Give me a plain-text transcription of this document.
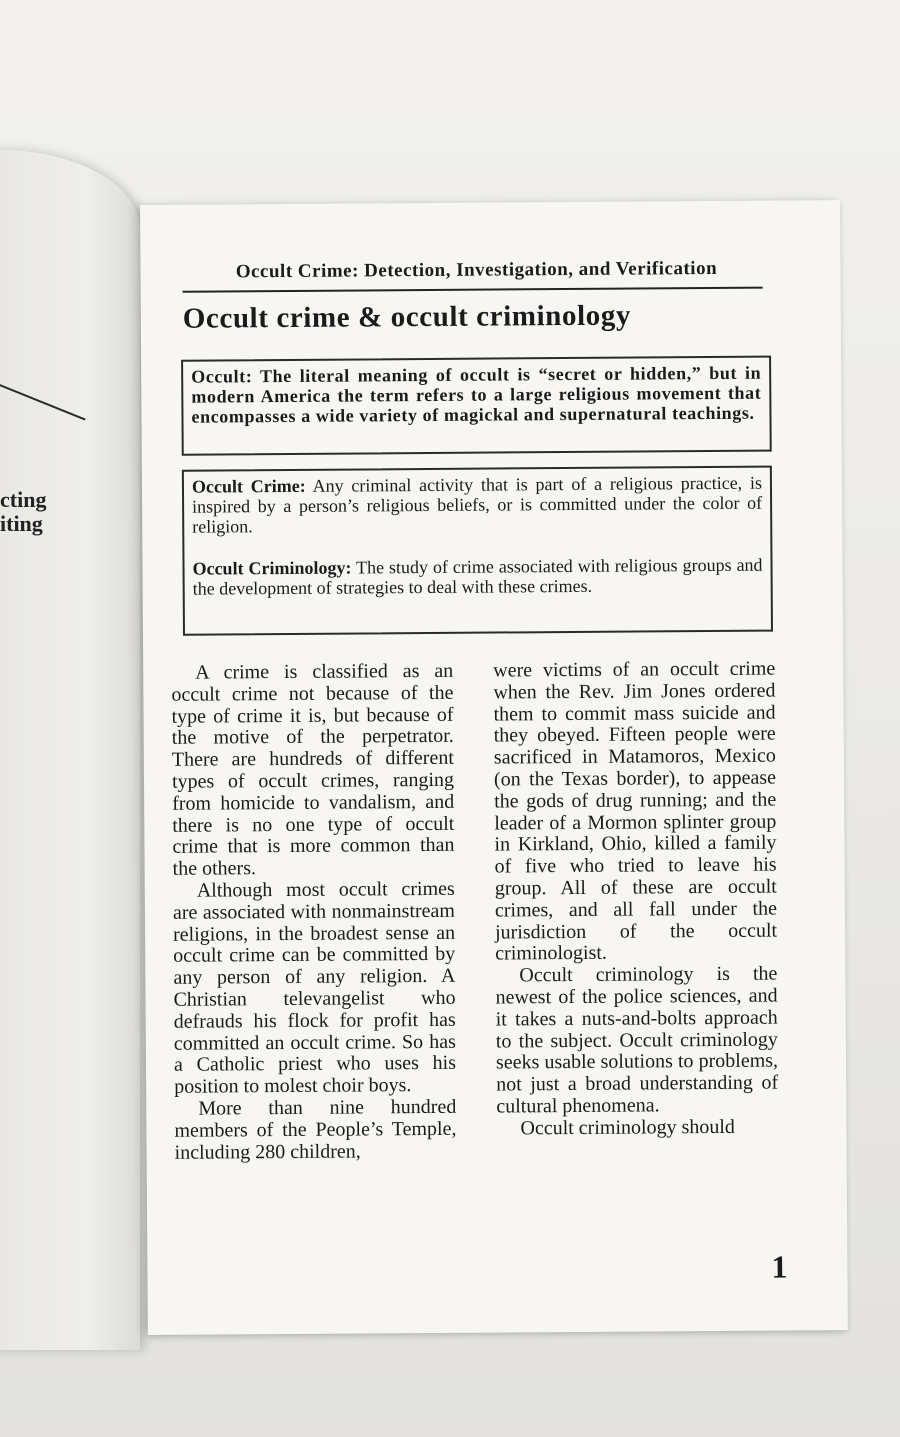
cting
iting
Occult Crime: Detection, Investigation, and Verification
Occult crime & occult criminology
Occult: The literal meaning of occult is “secret or hidden,” but in modern America the term refers to a large religious movement that encompasses a wide variety of magickal and supernatural teachings.

Occult Crime: Any criminal activity that is part of a religious practice, is inspired by a person’s religious beliefs, or is committed under the color of religion.

Occult Criminology: The study of crime associated with religious groups and the development of strategies to deal with these crimes.

A crime is classified as an occult crime not because of the type of crime it is, but because of the motive of the perpetrator. There are hundreds of different types of occult crimes, ranging from homicide to vandalism, and there is no one type of occult crime that is more common than the others.

Although most occult crimes are associated with nonmainstream religions, in the broadest sense an occult crime can be committed by any person of any religion. A Christian televangelist who defrauds his flock for profit has committed an occult crime. So has a Catholic priest who uses his position to molest choir boys.

More than nine hundred members of the People’s Temple, including 280 children,

were victims of an occult crime when the Rev. Jim Jones ordered them to commit mass suicide and they obeyed. Fifteen people were sacrificed in Matamoros, Mexico (on the Texas border), to appease the gods of drug running; and the leader of a Mormon splinter group in Kirkland, Ohio, killed a family of five who tried to leave his group. All of these are occult crimes, and all fall under the jurisdiction of the occult criminologist.

Occult criminology is the newest of the police sciences, and it takes a nuts-and-bolts approach to the subject. Occult criminology seeks usable solutions to problems, not just a broad understanding of cultural phenomena.

Occult criminology should

1
